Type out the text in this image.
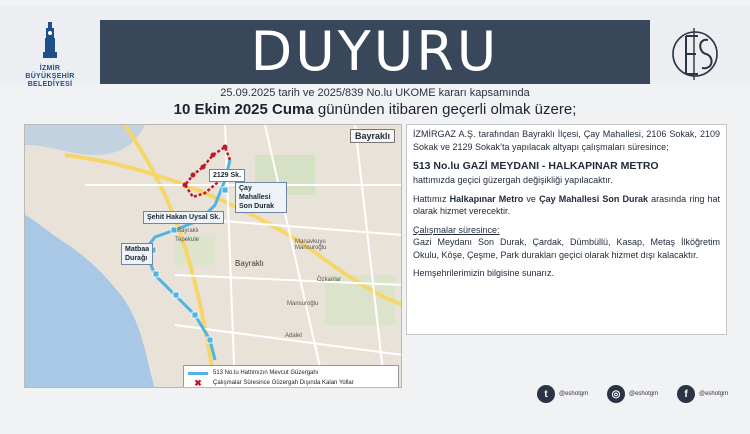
İZMİR
BÜYÜKŞEHİR
BELEDİYESİ
DUYURU
25.09.2025 tarih ve 2025/839 No.lu UKOME kararı kapsamında
10 Ekim 2025 Cuma gününden itibaren geçerli olmak üzere;
Bayraklı
2129 Sk.
Çay Mahallesi Son Durak
Şehit Hakan Uysal Sk.
Matbaa Durağı
Bayraklı
Tepekule	Manavkuyu
Mansuroğlu
Özkanlar
Bayraklı
Mansuroğlu
Adalet
513 No.lu Hattımızın Mevcut Güzergahı
✖	Çalışmalar Süresince Güzergah Dışında Kalan Yollar

İZMİRGAZ A.Ş. tarafından Bayraklı İlçesi, Çay Mahallesi, 2106 Sokak, 2109 Sokak ve 2129 Sokak’ta yapılacak altyapı çalışmaları süresince;

513 No.lu GAZİ MEYDANI - HALKAPINAR METRO

hattımızda geçici güzergah değişikliği yapılacaktır.

Hattımız Halkapınar Metro ve Çay Mahallesi Son Durak arasında ring hat olarak hizmet verecektir.

Çalışmalar süresince:
Gazi Meydanı Son Durak, Çardak, Dümbüllü, Kasap, Metaş İlköğretim Okulu, Köşe, Çeşme, Park durakları geçici olarak hizmet dışı kalacaktır.

Hemşehrilerimizin bilgisine sunarız.

t	@eshotgm	◎	@eshotgm	f	@eshotgm
